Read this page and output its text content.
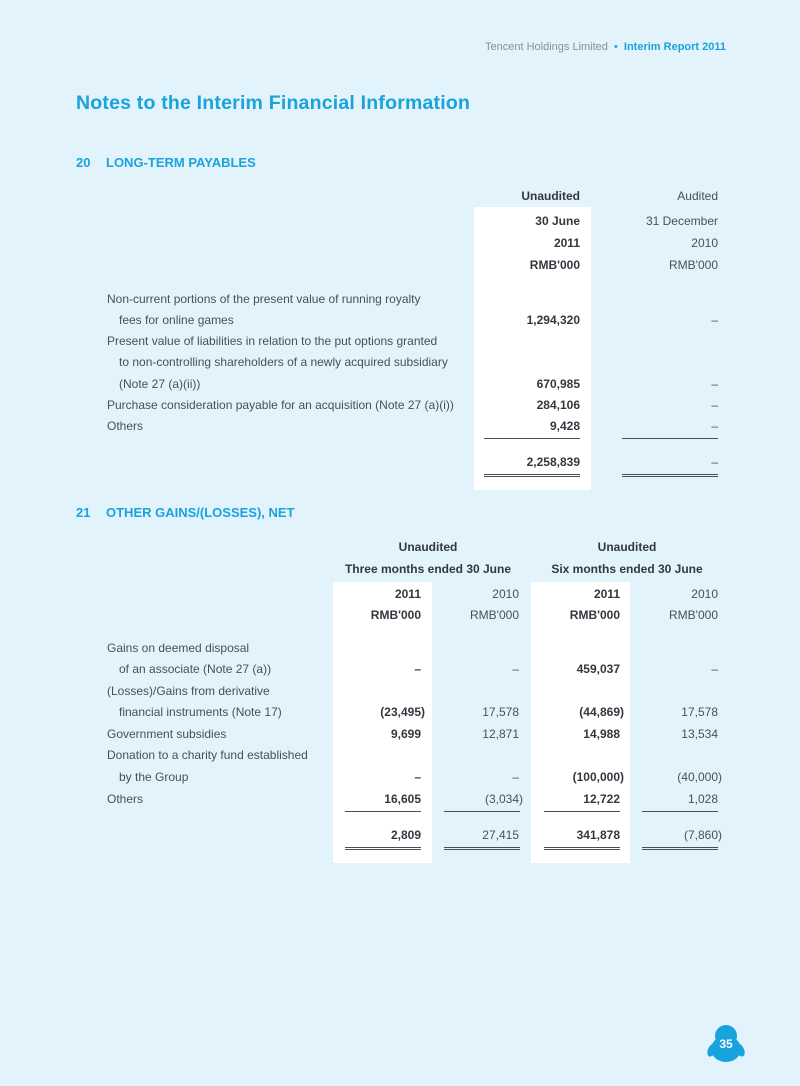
Tencent Holdings Limited • Interim Report 2011
Notes to the Interim Financial Information
20 LONG-TERM PAYABLES
Unaudited	Audited
30 June	31 December
2011	2010
RMB'000	RMB'000
Non-current portions of the present value of running royalty
fees for online games	1,294,320	–
Present value of liabilities in relation to the put options granted
to non-controlling shareholders of a newly acquired subsidiary
(Note 27 (a)(ii))	670,985	–
Purchase consideration payable for an acquisition (Note 27 (a)(i))	284,106	–
Others	9,428	–
2,258,839	–
21 OTHER GAINS/(LOSSES), NET
Unaudited	Unaudited
Three months ended 30 June	Six months ended 30 June
2011	2010	2011	2010
RMB'000	RMB'000	RMB'000	RMB'000
Gains on deemed disposal
of an associate (Note 27 (a))	–	–	459,037	–
(Losses)/Gains from derivative
financial instruments (Note 17)	(23,495)	17,578	(44,869)	17,578
Government subsidies	9,699	12,871	14,988	13,534
Donation to a charity fund established
by the Group	–	–	(100,000)	(40,000)
Others	16,605	(3,034)	12,722	1,028
2,809	27,415	341,878	(7,860)
35
